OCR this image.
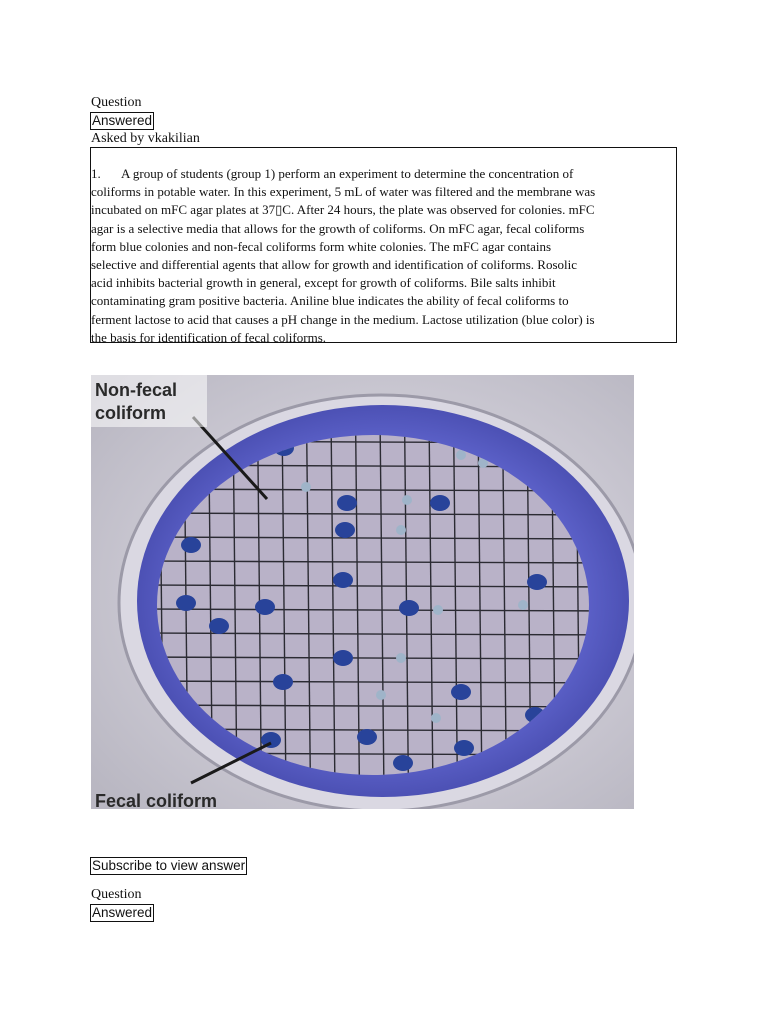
Question
Answered
Asked by vkakilian
1. A group of students (group 1) perform an experiment to determine the concentration of
coliforms in potable water. In this experiment, 5 mL of water was filtered and the membrane was
incubated on mFC agar plates at 37▯C. After 24 hours, the plate was observed for colonies. mFC
agar is a selective media that allows for the growth of coliforms. On mFC agar, fecal coliforms
form blue colonies and non-fecal coliforms form white colonies. The mFC agar contains
selective and differential agents that allow for growth and identification of coliforms. Rosolic
acid inhibits bacterial growth in general, except for growth of coliforms. Bile salts inhibit
contaminating gram positive bacteria. Aniline blue indicates the ability of fecal coliforms to
ferment lactose to acid that causes a pH change in the medium. Lactose utilization (blue color) is
the basis for identification of fecal coliforms.
Non-fecal
coliform
Fecal coliform
Subscribe to view answer
Question
Answered
